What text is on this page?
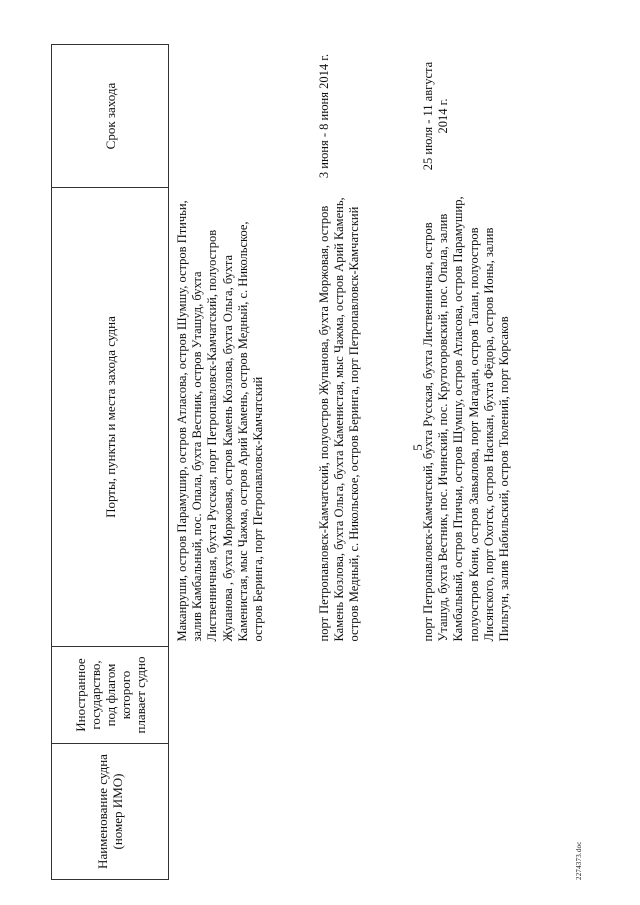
5
Наименование судна (номер ИМО)	Иностранное государство, под флагом которого плавает судно	Порты, пункты и места захода судна	Срок захода
		Маканруши, остров Парамушир, остров Атласова, остров Шумшу, остров Птичьи, залив Камбальный, пос. Опала, бухта Вестник, остров Уташуд, бухта Лиственничная, бухта Русская, порт Петропавловск-Камчатский, полуостров Жупанова , бухта Моржовая, остров Камень Козлова, бухта Ольга, бухта Каменистая, мыс Чажма, остров Арий Камень, остров Медный, с. Никольское, остров Беринга, порт Петропавловск-Камчатский	
		порт Петропавловск-Камчатский, полуостров Жупанова, бухта Моржовая, остров Камень Козлова, бухта Ольга, бухта Каменистая, мыс Чажма, остров Арий Камень, остров Медный, с. Никольское, остров Беринга, порт Петропавловск-Камчатский	3 июня - 8 июня 2014 г.
		порт Петропавловск-Камчатский, бухта Русская, бухта Лиственничная, остров Уташуд, бухта Вестник, пос. Ичинский, пос. Крутогоровский, пос. Опала, залив Камбальный, остров Птичьи, остров Шумшу, остров Атласова, остров Парамушир, полуостров Кони, остров Завьялова, порт Магадан, остров Талан, полуостров Лисянского, порт Охотск, остров Насикан, бухта Фёдора, остров Ионы, залив Пильтун, залив Набильский, остров Тюлений, порт Корсаков	25 июля - 11 августа 2014 г.
2274373.doc
